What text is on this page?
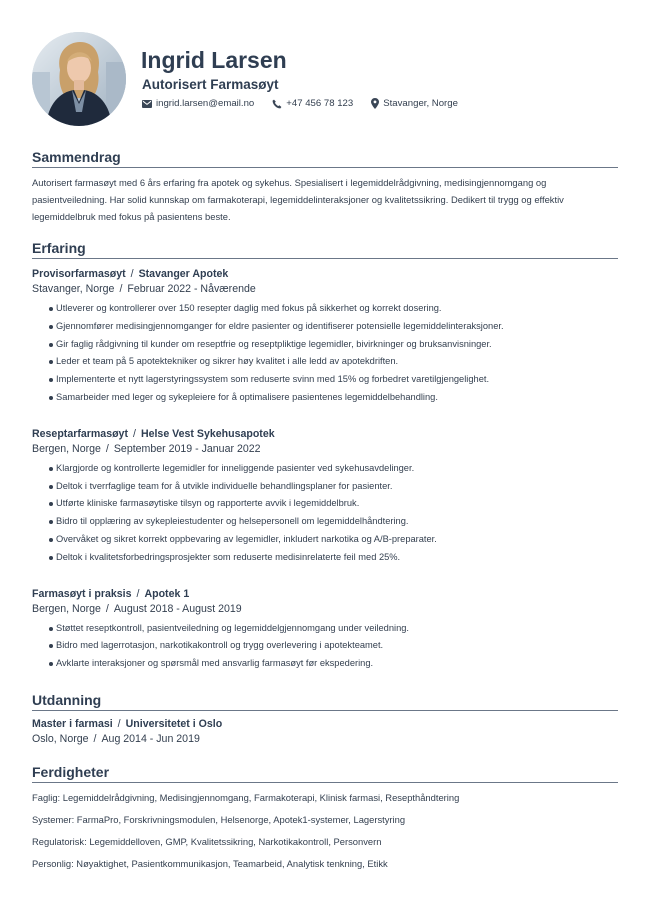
Ingrid Larsen
Autorisert Farmasøyt
ingrid.larsen@email.no	+47 456 78 123	Stavanger, Norge
Sammendrag

Autorisert farmasøyt med 6 års erfaring fra apotek og sykehus. Spesialisert i legemiddelrådgivning, medisingjennomgang og pasientveiledning. Har solid kunnskap om farmakoterapi, legemiddelinteraksjoner og kvalitetssikring. Dedikert til trygg og effektiv legemiddelbruk med fokus på pasientens beste.

Erfaring
Provisorfarmasøyt / Stavanger Apotek
Stavanger, Norge / Februar 2022 - Nåværende
Utleverer og kontrollerer over 150 resepter daglig med fokus på sikkerhet og korrekt dosering.
Gjennomfører medisingjennomganger for eldre pasienter og identifiserer potensielle legemiddelinteraksjoner.
Gir faglig rådgivning til kunder om reseptfrie og reseptpliktige legemidler, bivirkninger og bruksanvisninger.
Leder et team på 5 apotektekniker og sikrer høy kvalitet i alle ledd av apotekdriften.
Implementerte et nytt lagerstyringssystem som reduserte svinn med 15% og forbedret varetilgjengelighet.
Samarbeider med leger og sykepleiere for å optimalisere pasientenes legemiddelbehandling.
Reseptarfarmasøyt / Helse Vest Sykehusapotek
Bergen, Norge / September 2019 - Januar 2022
Klargjorde og kontrollerte legemidler for inneliggende pasienter ved sykehusavdelinger.
Deltok i tverrfaglige team for å utvikle individuelle behandlingsplaner for pasienter.
Utførte kliniske farmasøytiske tilsyn og rapporterte avvik i legemiddelbruk.
Bidro til opplæring av sykepleiestudenter og helsepersonell om legemiddelhåndtering.
Overvåket og sikret korrekt oppbevaring av legemidler, inkludert narkotika og A/B-preparater.
Deltok i kvalitetsforbedringsprosjekter som reduserte medisinrelaterte feil med 25%.
Farmasøyt i praksis / Apotek 1
Bergen, Norge / August 2018 - August 2019
Støttet reseptkontroll, pasientveiledning og legemiddelgjennomgang under veiledning.
Bidro med lagerrotasjon, narkotikakontroll og trygg overlevering i apotekteamet.
Avklarte interaksjoner og spørsmål med ansvarlig farmasøyt før ekspedering.
Utdanning
Master i farmasi / Universitetet i Oslo
Oslo, Norge / Aug 2014 - Jun 2019
Ferdigheter
Faglig: Legemiddelrådgivning, Medisingjennomgang, Farmakoterapi, Klinisk farmasi, Resepthåndtering
Systemer: FarmaPro, Forskrivningsmodulen, Helsenorge, Apotek1-systemer, Lagerstyring
Regulatorisk: Legemiddelloven, GMP, Kvalitetssikring, Narkotikakontroll, Personvern
Personlig: Nøyaktighet, Pasientkommunikasjon, Teamarbeid, Analytisk tenkning, Etikk
